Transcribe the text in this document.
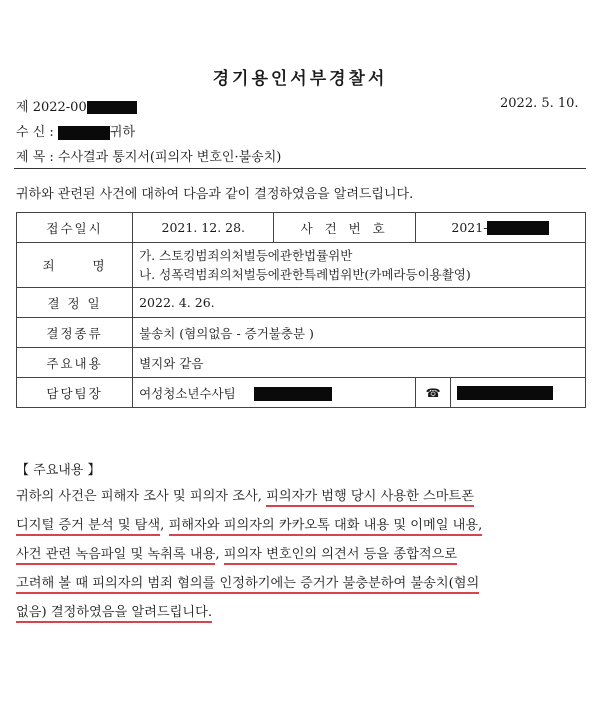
경기용인서부경찰서
제 2022-00	2022. 5. 10.
수 신 :	귀하
제 목 : 수사결과 통지서(피의자 변호인·불송치)
귀하와 관련된 사건에 대하여 다음과 같이 결정하였음을 알려드립니다.
접수일시	2021. 12. 28.	사 건 번 호	2021-	
죄      명	가. 스토킹범죄의처벌등에관한법률위반
나. 성폭력범죄의처벌등에관한특례법위반(카메라등이용촬영)			

결 정 일	2022. 4. 26.			
결정종류	불송치 (혐의없음 - 증거불충분 )			
주요내용	별지와 같음			
담당팀장	여성청소년수사팀		☎	
【 주요내용 】
귀하의 사건은 피해자 조사 및 피의자 조사, 피의자가 범행 당시 사용한 스마트폰
디지털 증거 분석 및 탐색, 피해자와 피의자의 카카오톡 대화 내용 및 이메일 내용,
사건 관련 녹음파일 및 녹취록 내용, 피의자 변호인의 의견서 등을 종합적으로
고려해 볼 때 피의자의 범죄 혐의를 인정하기에는 증거가 불충분하여 불송치(혐의
없음) 결정하였음을 알려드립니다.
